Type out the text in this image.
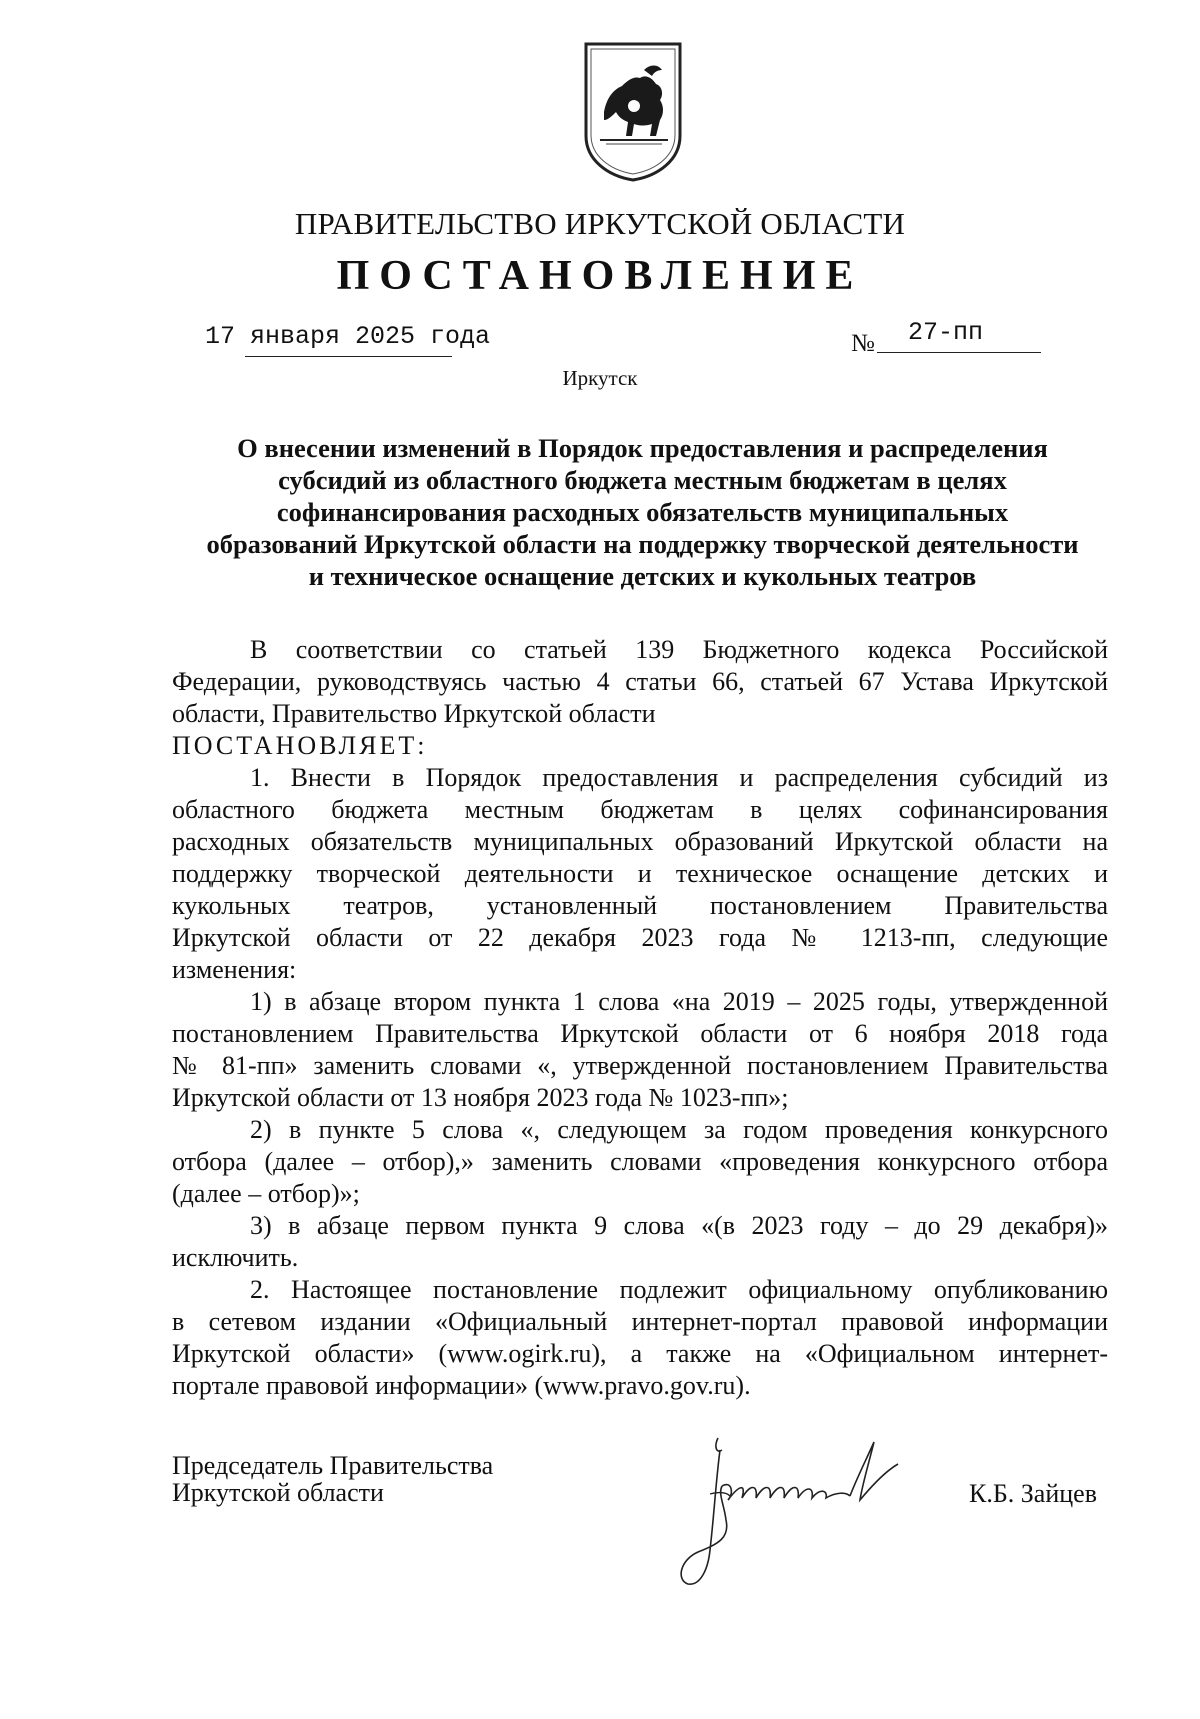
ПРАВИТЕЛЬСТВО ИРКУТСКОЙ ОБЛАСТИ
ПОСТАНОВЛЕНИЕ
17 января 2025 года	№ 27-пп
Иркутск
О внесении изменений в Порядок предоставления и распределения
субсидий из областного бюджета местным бюджетам в целях
софинансирования расходных обязательств муниципальных
образований Иркутской области на поддержку творческой деятельности
и техническое оснащение детских и кукольных театров
В соответствии со статьей 139 Бюджетного кодекса Российской
Федерации, руководствуясь частью 4 статьи 66, статьей 67 Устава Иркутской
области, Правительство Иркутской области
ПОСТАНОВЛЯЕТ:
1. Внести в Порядок предоставления и распределения субсидий из
областного бюджета местным бюджетам в целях софинансирования
расходных обязательств муниципальных образований Иркутской области на
поддержку творческой деятельности и техническое оснащение детских и
кукольных театров, установленный постановлением Правительства
Иркутской области от 22 декабря 2023 года № 1213-пп, следующие
изменения:
1) в абзаце втором пункта 1 слова «на 2019 – 2025 годы, утвержденной
постановлением Правительства Иркутской области от 6 ноября 2018 года
№ 81-пп» заменить словами «, утвержденной постановлением Правительства
Иркутской области от 13 ноября 2023 года № 1023-пп»;
2) в пункте 5 слова «, следующем за годом проведения конкурсного
отбора (далее – отбор),» заменить словами «проведения конкурсного отбора
(далее – отбор)»;
3) в абзаце первом пункта 9 слова «(в 2023 году – до 29 декабря)»
исключить.
2. Настоящее постановление подлежит официальному опубликованию
в сетевом издании «Официальный интернет-портал правовой информации
Иркутской области» (www.ogirk.ru), а также на «Официальном интернет-
портале правовой информации» (www.pravo.gov.ru).
Председатель Правительства
Иркутской области	К.Б. Зайцев
